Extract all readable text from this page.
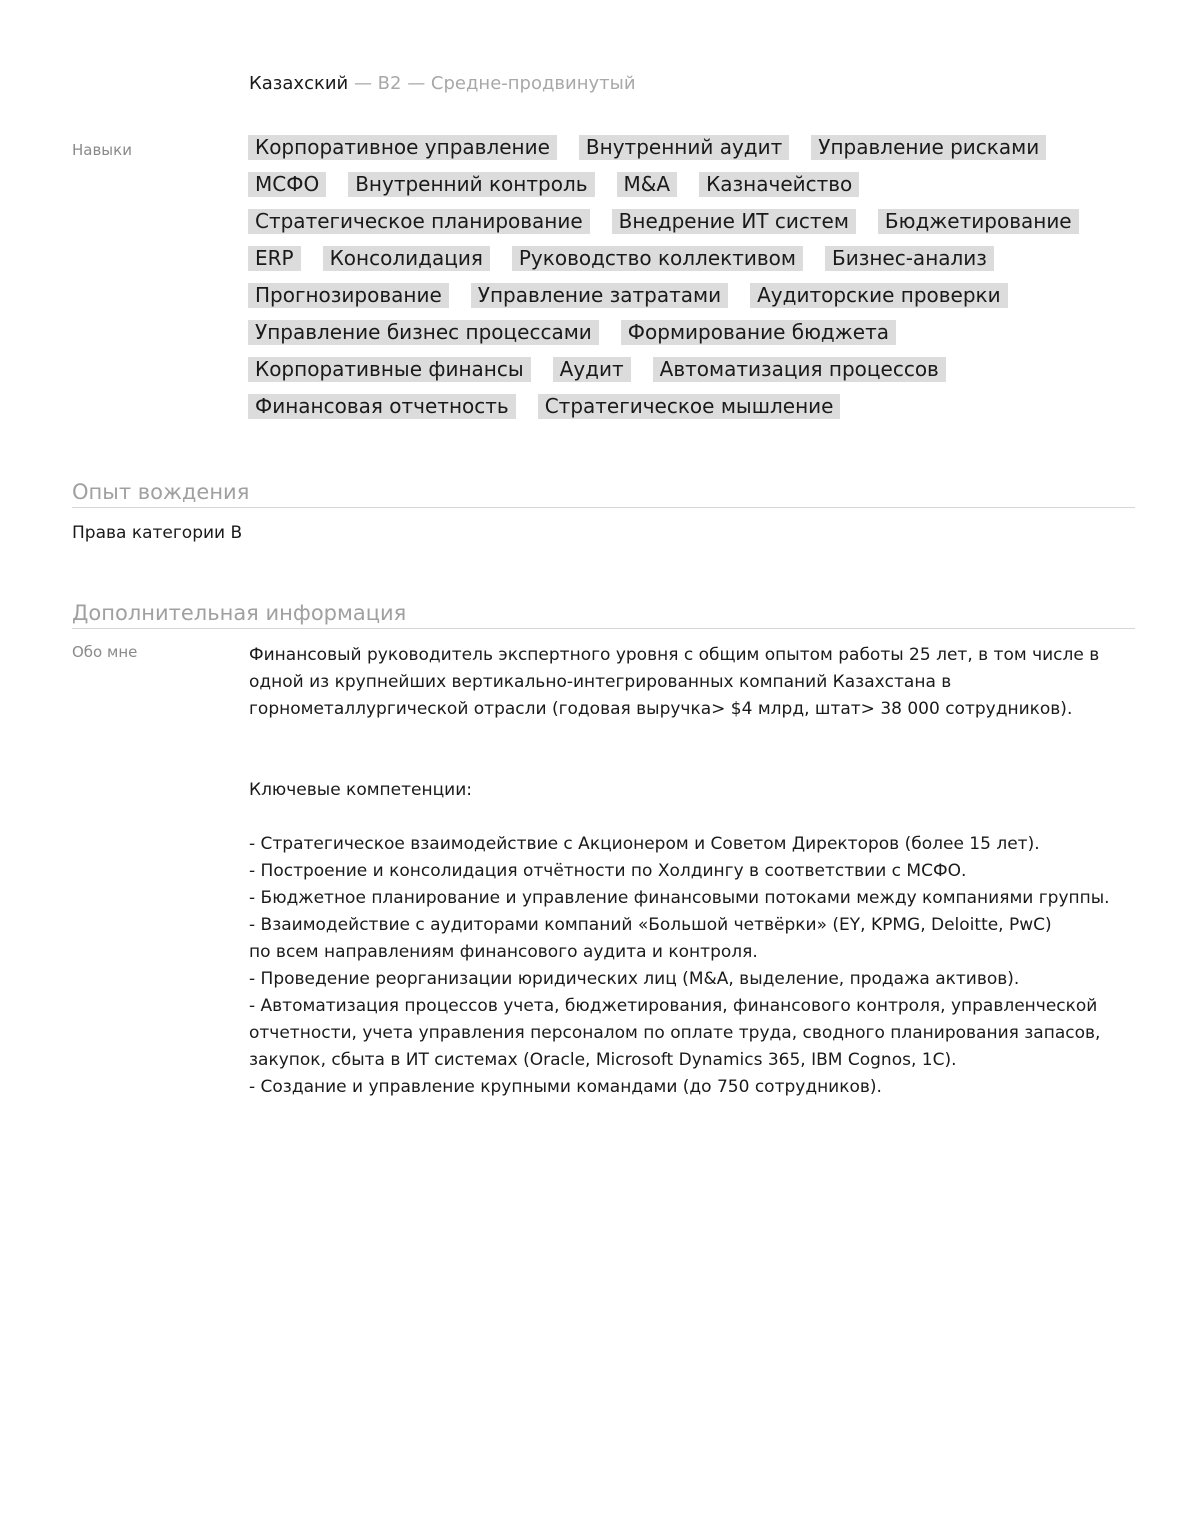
Казахский — B2 — Средне-продвинутый
Навыки	Корпоративное управление	Внутренний аудит	Управление рисками
МСФО	Внутренний контроль	M&A	Казначейство
Стратегическое планирование	Внедрение ИТ систем	Бюджетирование
ERP	Консолидация	Руководство коллективом	Бизнес-анализ
Прогнозирование	Управление затратами	Аудиторские проверки
Управление бизнес процессами	Формирование бюджета
Корпоративные финансы	Аудит	Автоматизация процессов
Финансовая отчетность	Стратегическое мышление
Опыт вождения
Права категории B
Дополнительная информация
Обо мне	Финансовый руководитель экспертного уровня с общим опытом работы 25 лет, в том числе в одной из крупнейших вертикально-интегрированных компаний Казахстана в горнометаллургической отрасли (годовая выручка> $4 млрд, штат> 38 000 сотрудников).

Ключевые компетенции:

- Стратегическое взаимодействие с Акционером и Советом Директоров (более 15 лет).

- Построение и консолидация отчётности по Холдингу в соответствии с МСФО.

- Бюджетное планирование и управление финансовыми потоками между компаниями группы.

- Взаимодействие с аудиторами компаний «Большой четвёрки» (EY, KPMG, Deloitte, PwC)
по всем направлениям финансового аудита и контроля.

- Проведение реорганизации юридических лиц (M&A, выделение, продажа активов).

- Автоматизация процессов учета, бюджетирования, финансового контроля, управленческой отчетности, учета управления персоналом по оплате труда, сводного планирования запасов, закупок, сбыта в ИТ системах (Oracle, Microsoft Dynamics 365, IBM Cognos, 1С).

- Создание и управление крупными командами (до 750 сотрудников).
